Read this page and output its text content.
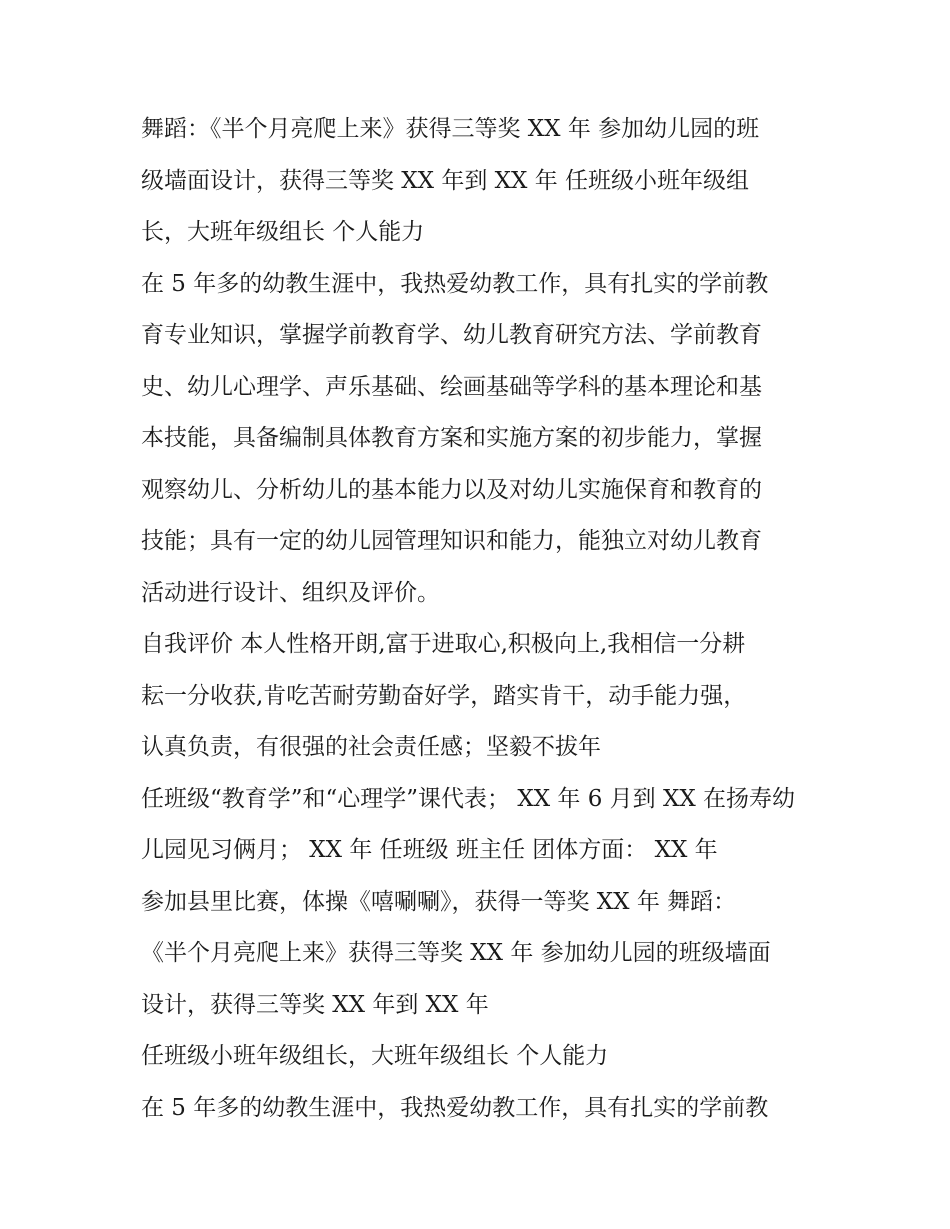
舞蹈：《半个月亮爬上来》获得三等奖 XX 年 参加幼儿园的班
级墙面设计，获得三等奖 XX 年到 XX 年 任班级小班年级组
长，大班年级组长 个人能力
在 5 年多的幼教生涯中，我热爱幼教工作，具有扎实的学前教
育专业知识，掌握学前教育学、幼儿教育研究方法、学前教育
史、幼儿心理学、声乐基础、绘画基础等学科的基本理论和基
本技能，具备编制具体教育方案和实施方案的初步能力，掌握
观察幼儿、分析幼儿的基本能力以及对幼儿实施保育和教育的
技能；具有一定的幼儿园管理知识和能力，能独立对幼儿教育
活动进行设计、组织及评价。
自我评价 本人性格开朗,富于进取心,积极向上,我相信一分耕
耘一分收获,肯吃苦耐劳勤奋好学，踏实肯干，动手能力强，
认真负责，有很强的社会责任感；坚毅不拔年
任班级“教育学”和“心理学”课代表； XX 年 6 月到 XX 在扬寿幼
儿园见习俩月； XX 年 任班级 班主任 团体方面： XX 年
参加县里比赛，体操《嘻唰唰》，获得一等奖 XX 年 舞蹈：
《半个月亮爬上来》获得三等奖 XX 年 参加幼儿园的班级墙面
设计，获得三等奖 XX 年到 XX 年
任班级小班年级组长，大班年级组长 个人能力
在 5 年多的幼教生涯中，我热爱幼教工作，具有扎实的学前教
